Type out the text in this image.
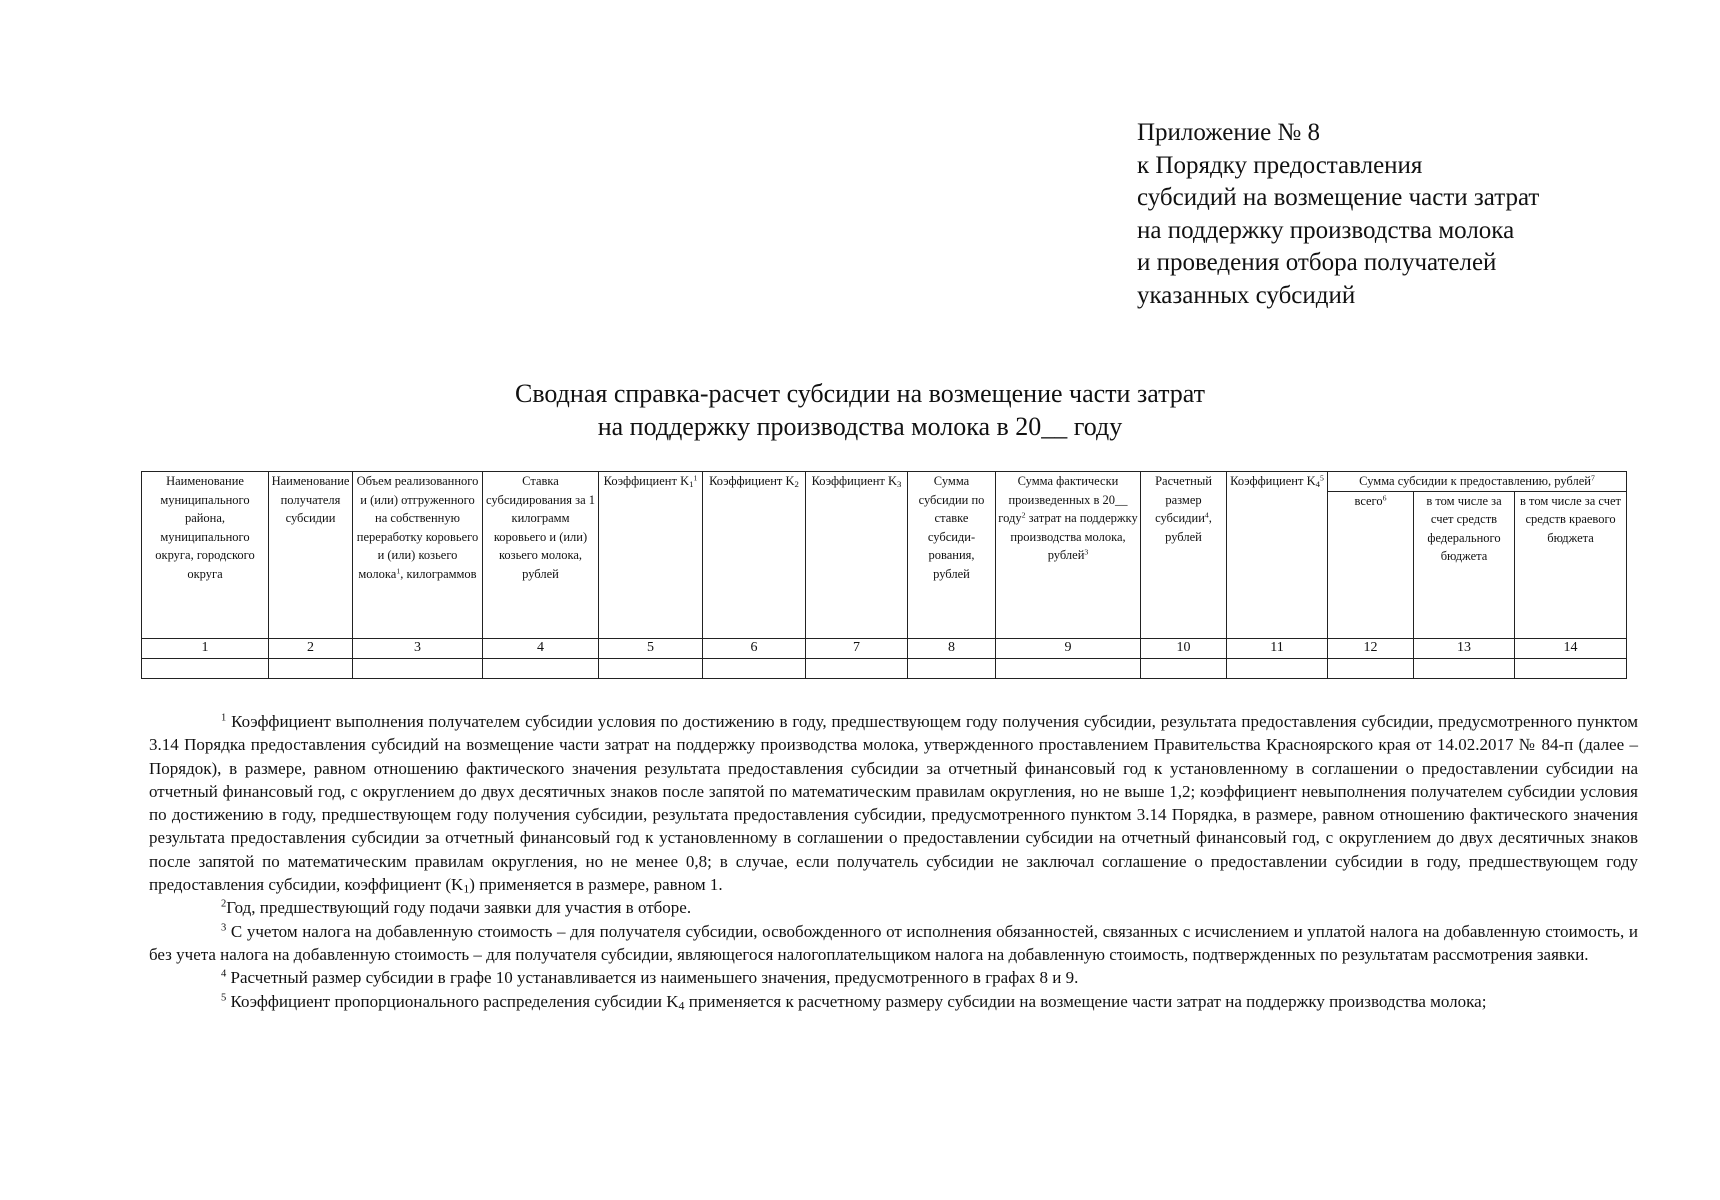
Приложение № 8
к Порядку предоставления
субсидий на возмещение части затрат
на поддержку производства молока
и проведения отбора получателей
указанных субсидий
Сводная справка-расчет субсидии на возмещение части затрат
на поддержку производства молока в 20__ году
Наименование муниципального района, муниципального округа, городского округа	Наименование получателя субсидии	Объем реализованного и (или) отгруженного на собственную переработку коровьего и (или) козьего молока$^1$, килограммов	Ставка субсидирования за 1 килограмм коровьего и (или) козьего молока, рублей	Коэффициент $K_1^1$	Коэффициент $K_2$	Коэффициент $K_3$	Сумма субсидии по ставке субсиди-рования, рублей	Сумма фактически произведенных в 20__ году$^2$ затрат на поддержку производства молока, рублей$^3$	Расчетный размер субсидии$^4$, рублей	Коэффициент $K_4^5$	Сумма субсидии к предоставлению, рублей$^7$
											всего$^6$	в том числе за счет средств федерального бюджета	в том числе за счет средств краевого бюджета
1	2	3	4	5	6	7	8	9	10	11	12	13	14

$^1$ Коэффициент выполнения получателем субсидии условия по достижению в году, предшествующем году получения субсидии, результата предоставления субсидии, предусмотренного пунктом 3.14 Порядка предоставления субсидий на возмещение части затрат на поддержку производства молока, утвержденного проставлением Правительства Красноярского края от 14.02.2017 № 84-п (далее – Порядок), в размере, равном отношению фактического значения результата предоставления субсидии за отчетный финансовый год к установленному в соглашении о предоставлении субсидии на отчетный финансовый год, с округлением до двух десятичных знаков после запятой по математическим правилам округления, но не выше 1,2; коэффициент невыполнения получателем субсидии условия по достижению в году, предшествующем году получения субсидии, результата предоставления субсидии, предусмотренного пунктом 3.14 Порядка, в размере, равном отношению фактического значения результата предоставления субсидии за отчетный финансовый год к установленному в соглашении о предоставлении субсидии на отчетный финансовый год, с округлением до двух десятичных знаков после запятой по математическим правилам округления, но не менее 0,8; в случае, если получатель субсидии не заключал соглашение о предоставлении субсидии в году, предшествующем году предоставления субсидии, коэффициент $(K_1)$ применяется в размере, равном 1.

$^2$Год, предшествующий году подачи заявки для участия в отборе.

$^3$ С учетом налога на добавленную стоимость – для получателя субсидии, освобожденного от исполнения обязанностей, связанных с исчислением и уплатой налога на добавленную стоимость, и без учета налога на добавленную стоимость – для получателя субсидии, являющегося налогоплательщиком налога на добавленную стоимость, подтвержденных по результатам рассмотрения заявки.

$^4$ Расчетный размер субсидии в графе 10 устанавливается из наименьшего значения, предусмотренного в графах 8 и 9.

$^5$ Коэффициент пропорционального распределения субсидии $K_4$ применяется к расчетному размеру субсидии на возмещение части затрат на поддержку производства молока;
